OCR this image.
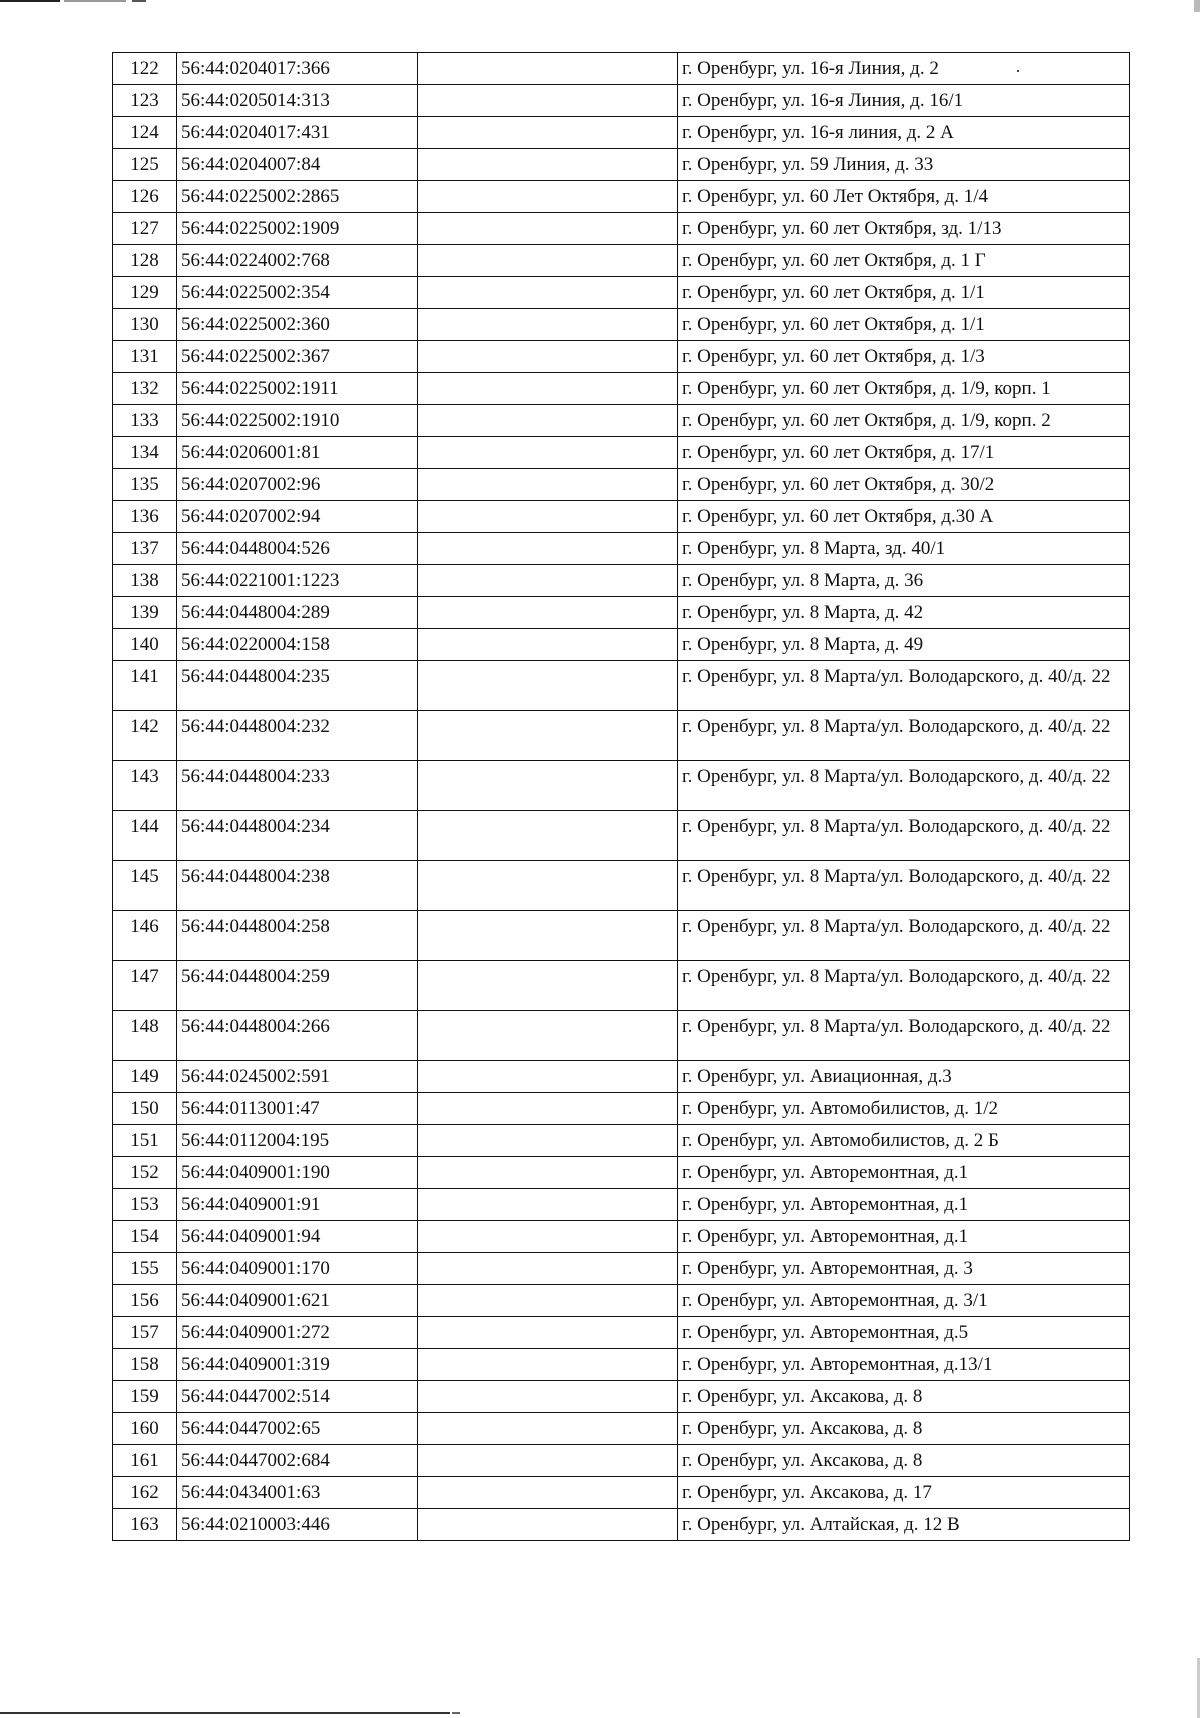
122	56:44:0204017:366		г. Оренбург, ул. 16-я Линия, д. 2
123	56:44:0205014:313		г. Оренбург, ул. 16-я Линия, д. 16/1
124	56:44:0204017:431		г. Оренбург, ул. 16-я линия, д. 2 А
125	56:44:0204007:84		г. Оренбург, ул. 59 Линия, д. 33
126	56:44:0225002:2865		г. Оренбург, ул. 60 Лет Октября, д. 1/4
127	56:44:0225002:1909		г. Оренбург, ул. 60 лет Октября, зд. 1/13
128	56:44:0224002:768		г. Оренбург, ул. 60 лет Октября, д. 1 Г
129	56:44:0225002:354		г. Оренбург, ул. 60 лет Октября, д. 1/1
130	56:44:0225002:360		г. Оренбург, ул. 60 лет Октября, д. 1/1
131	56:44:0225002:367		г. Оренбург, ул. 60 лет Октября, д. 1/3
132	56:44:0225002:1911		г. Оренбург, ул. 60 лет Октября, д. 1/9, корп. 1
133	56:44:0225002:1910		г. Оренбург, ул. 60 лет Октября, д. 1/9, корп. 2
134	56:44:0206001:81		г. Оренбург, ул. 60 лет Октября, д. 17/1
135	56:44:0207002:96		г. Оренбург, ул. 60 лет Октября, д. 30/2
136	56:44:0207002:94		г. Оренбург, ул. 60 лет Октября, д.30 А
137	56:44:0448004:526		г. Оренбург, ул. 8 Марта, зд. 40/1
138	56:44:0221001:1223		г. Оренбург, ул. 8 Марта, д. 36
139	56:44:0448004:289		г. Оренбург, ул. 8 Марта, д. 42
140	56:44:0220004:158		г. Оренбург, ул. 8 Марта, д. 49
141	56:44:0448004:235		г. Оренбург, ул. 8 Марта/ул. Володарского, д. 40/д. 22
142	56:44:0448004:232		г. Оренбург, ул. 8 Марта/ул. Володарского, д. 40/д. 22
143	56:44:0448004:233		г. Оренбург, ул. 8 Марта/ул. Володарского, д. 40/д. 22
144	56:44:0448004:234		г. Оренбург, ул. 8 Марта/ул. Володарского, д. 40/д. 22
145	56:44:0448004:238		г. Оренбург, ул. 8 Марта/ул. Володарского, д. 40/д. 22
146	56:44:0448004:258		г. Оренбург, ул. 8 Марта/ул. Володарского, д. 40/д. 22
147	56:44:0448004:259		г. Оренбург, ул. 8 Марта/ул. Володарского, д. 40/д. 22
148	56:44:0448004:266		г. Оренбург, ул. 8 Марта/ул. Володарского, д. 40/д. 22
149	56:44:0245002:591		г. Оренбург, ул. Авиационная, д.3
150	56:44:0113001:47		г. Оренбург, ул. Автомобилистов, д. 1/2
151	56:44:0112004:195		г. Оренбург, ул. Автомобилистов, д. 2 Б
152	56:44:0409001:190		г. Оренбург, ул. Авторемонтная, д.1
153	56:44:0409001:91		г. Оренбург, ул. Авторемонтная, д.1
154	56:44:0409001:94		г. Оренбург, ул. Авторемонтная, д.1
155	56:44:0409001:170		г. Оренбург, ул. Авторемонтная, д. 3
156	56:44:0409001:621		г. Оренбург, ул. Авторемонтная, д. 3/1
157	56:44:0409001:272		г. Оренбург, ул. Авторемонтная, д.5
158	56:44:0409001:319		г. Оренбург, ул. Авторемонтная, д.13/1
159	56:44:0447002:514		г. Оренбург, ул. Аксакова, д. 8
160	56:44:0447002:65		г. Оренбург, ул. Аксакова, д. 8
161	56:44:0447002:684		г. Оренбург, ул. Аксакова, д. 8
162	56:44:0434001:63		г. Оренбург, ул. Аксакова, д. 17
163	56:44:0210003:446		г. Оренбург, ул. Алтайская, д. 12 В
